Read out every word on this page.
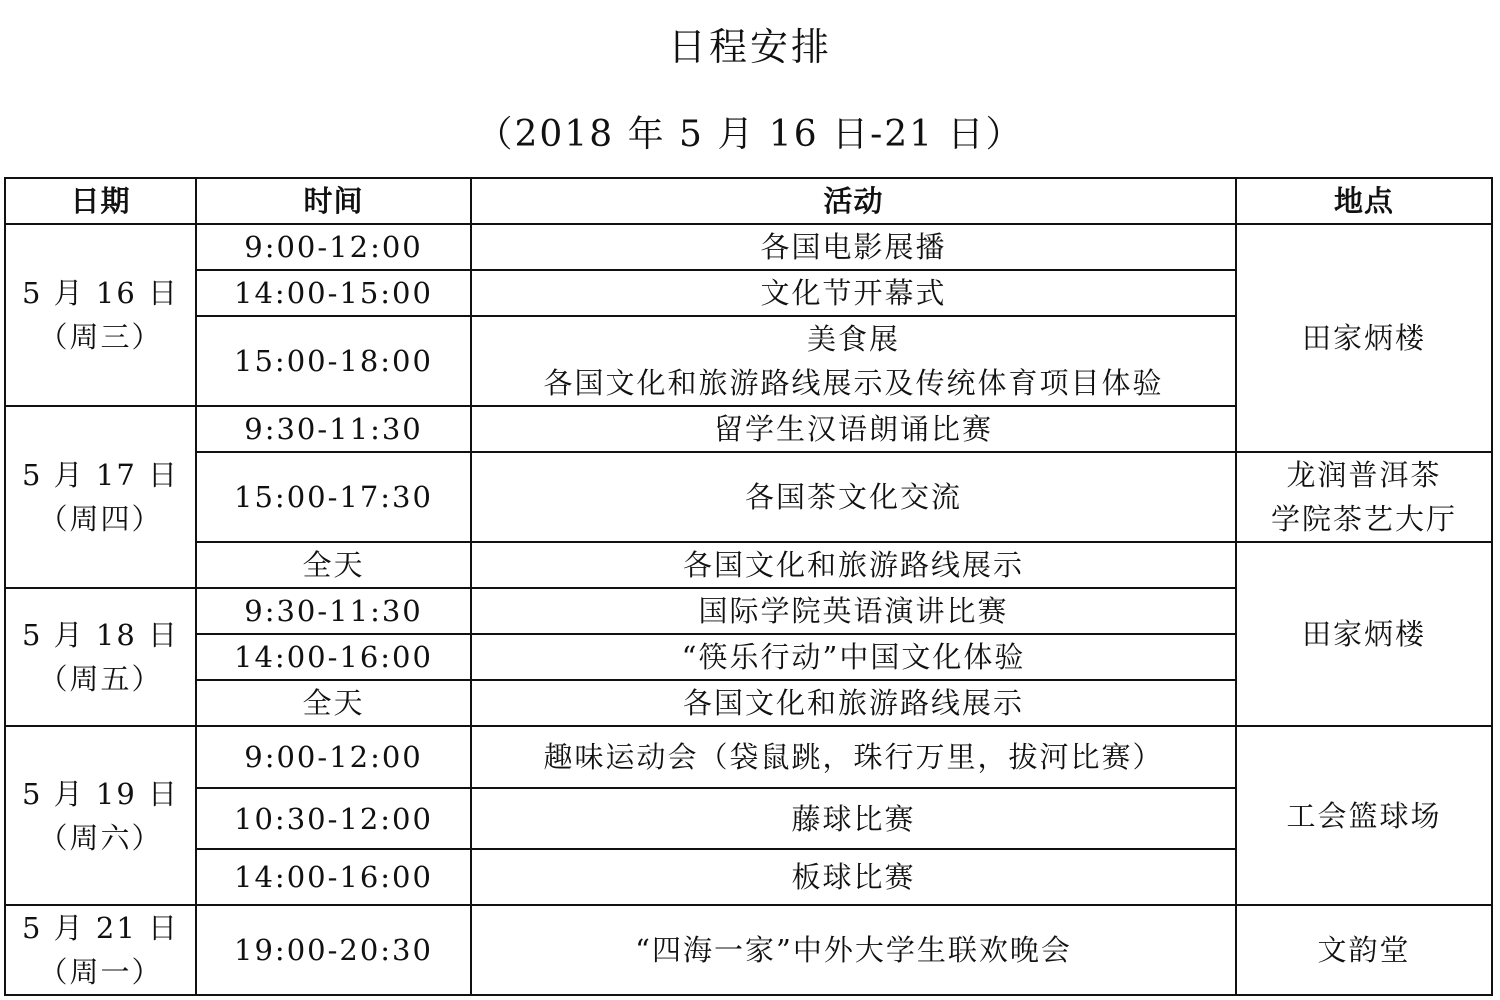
日程安排
（2018 年 5 月 16 日-21 日）
日期	时间	活动	地点

5 月 16 日
（周三）	9:00-12:00	各国电影展播	田家炳楼

	14:00-15:00	文化节开幕式	
	15:00-18:00	美食展
各国文化和旅游路线展示及传统体育项目体验	

5 月 17 日
（周四）	9:30-11:30	留学生汉语朗诵比赛	
	15:00-17:30	各国茶文化交流	龙润普洱茶
学院茶艺大厅

	全天	各国文化和旅游路线展示	田家炳楼

5 月 18 日
（周五）	9:30-11:30	国际学院英语演讲比赛	
	14:00-16:00	“筷乐行动”中国文化体验	
	全天	各国文化和旅游路线展示	

5 月 19 日
（周六）	9:00-12:00	趣味运动会（袋鼠跳，珠行万里，拔河比赛）	工会篮球场

	10:30-12:00	藤球比赛	
	14:00-16:00	板球比赛	

5 月 21 日
（周一）	19:00-20:30	“四海一家”中外大学生联欢晚会	文韵堂
